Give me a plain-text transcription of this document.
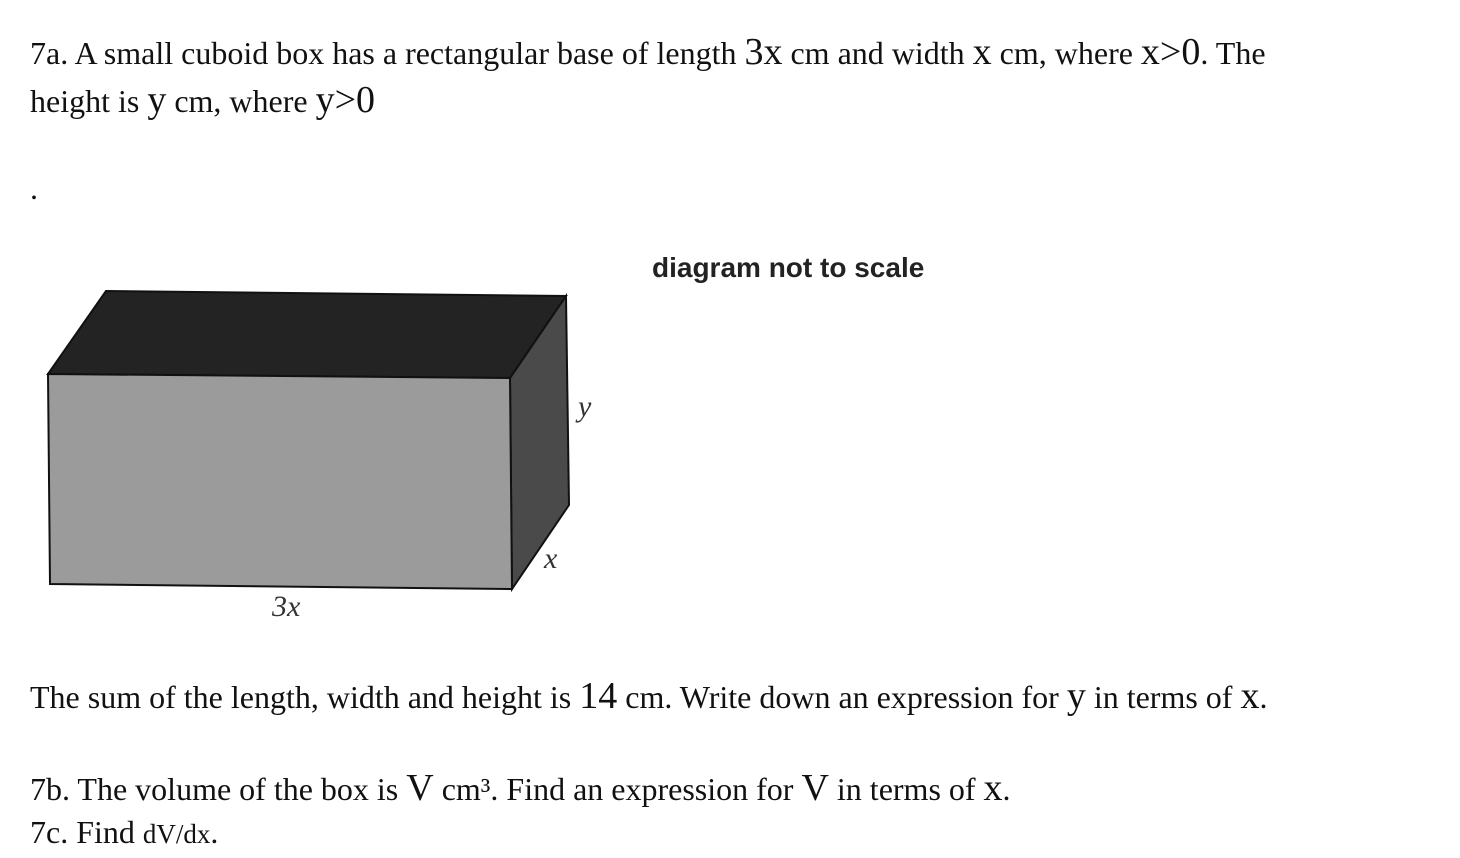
7a. A small cuboid box has a rectangular base of length 3x cm and width x cm, where x>0. The
height is y cm, where y>0
.
diagram not to scale
y
x
3x
The sum of the length, width and height is 14 cm. Write down an expression for y in terms of x.
7b. The volume of the box is V cm³. Find an expression for V in terms of x.
7c. Find dV/dx.
